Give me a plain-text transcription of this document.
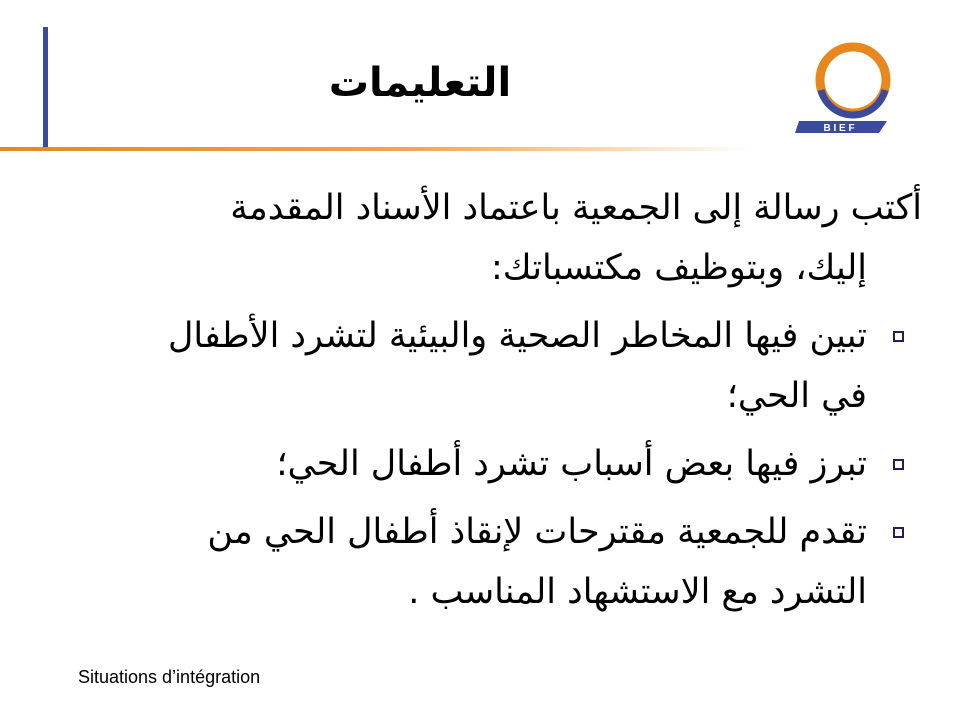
التعليمات
B I E F
أكتب رسالة إلى الجمعية باعتماد الأسناد المقدمة
إليك، وبتوظيف مكتسباتك:
تبين فيها المخاطر الصحية والبيئية لتشرد الأطفال
في الحي؛
تبرز فيها بعض أسباب تشرد أطفال الحي؛
تقدم للجمعية مقترحات لإنقاذ أطفال الحي من
التشرد مع الاستشهاد المناسب .
Situations d’intégration
